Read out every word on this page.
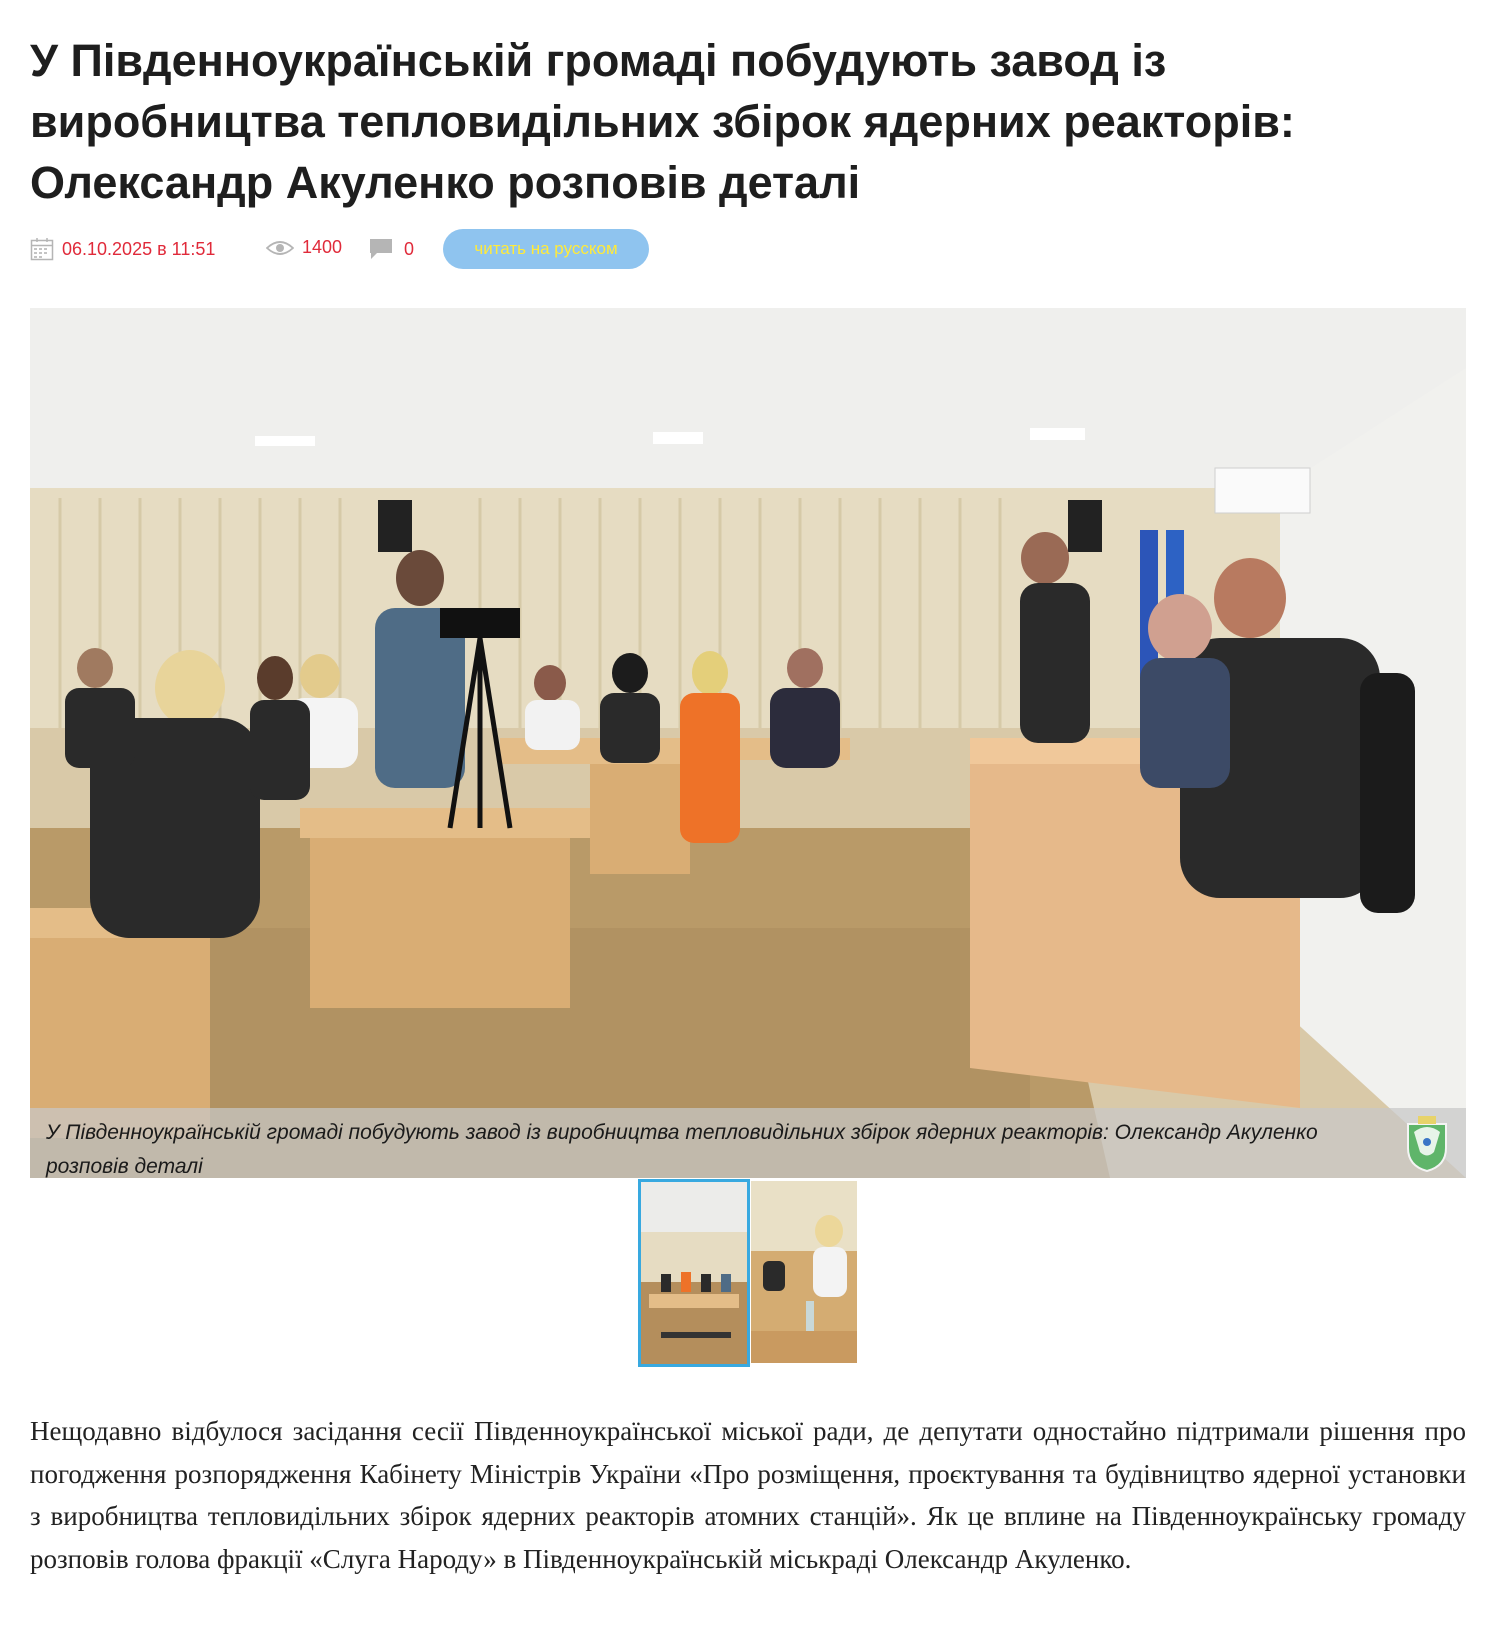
У Південноукраїнській громаді побудують завод із виробництва тепловидільних збірок ядерних реакторів: Олександр Акуленко розповів деталі
06.10.2025 в 11:51	1400	0	читать на русском
У Південноукраїнській громаді побудують завод із виробництва тепловидільних збірок ядерних реакторів: Олександр Акуленко розповів деталі

Нещодавно відбулося засідання сесії Південноукраїнської міської ради, де депутати одностайно підтримали рішення про погодження розпорядження Кабінету Міністрів України «Про розміщення, проєктування та будівництво ядерної установки з виробництва тепловидільних збірок ядерних реакторів атомних станцій». Як це вплине на Південноукраїнську громаду розповів голова фракції «Слуга Народу» в Південноукраїнській міськраді Олександр Акуленко.
